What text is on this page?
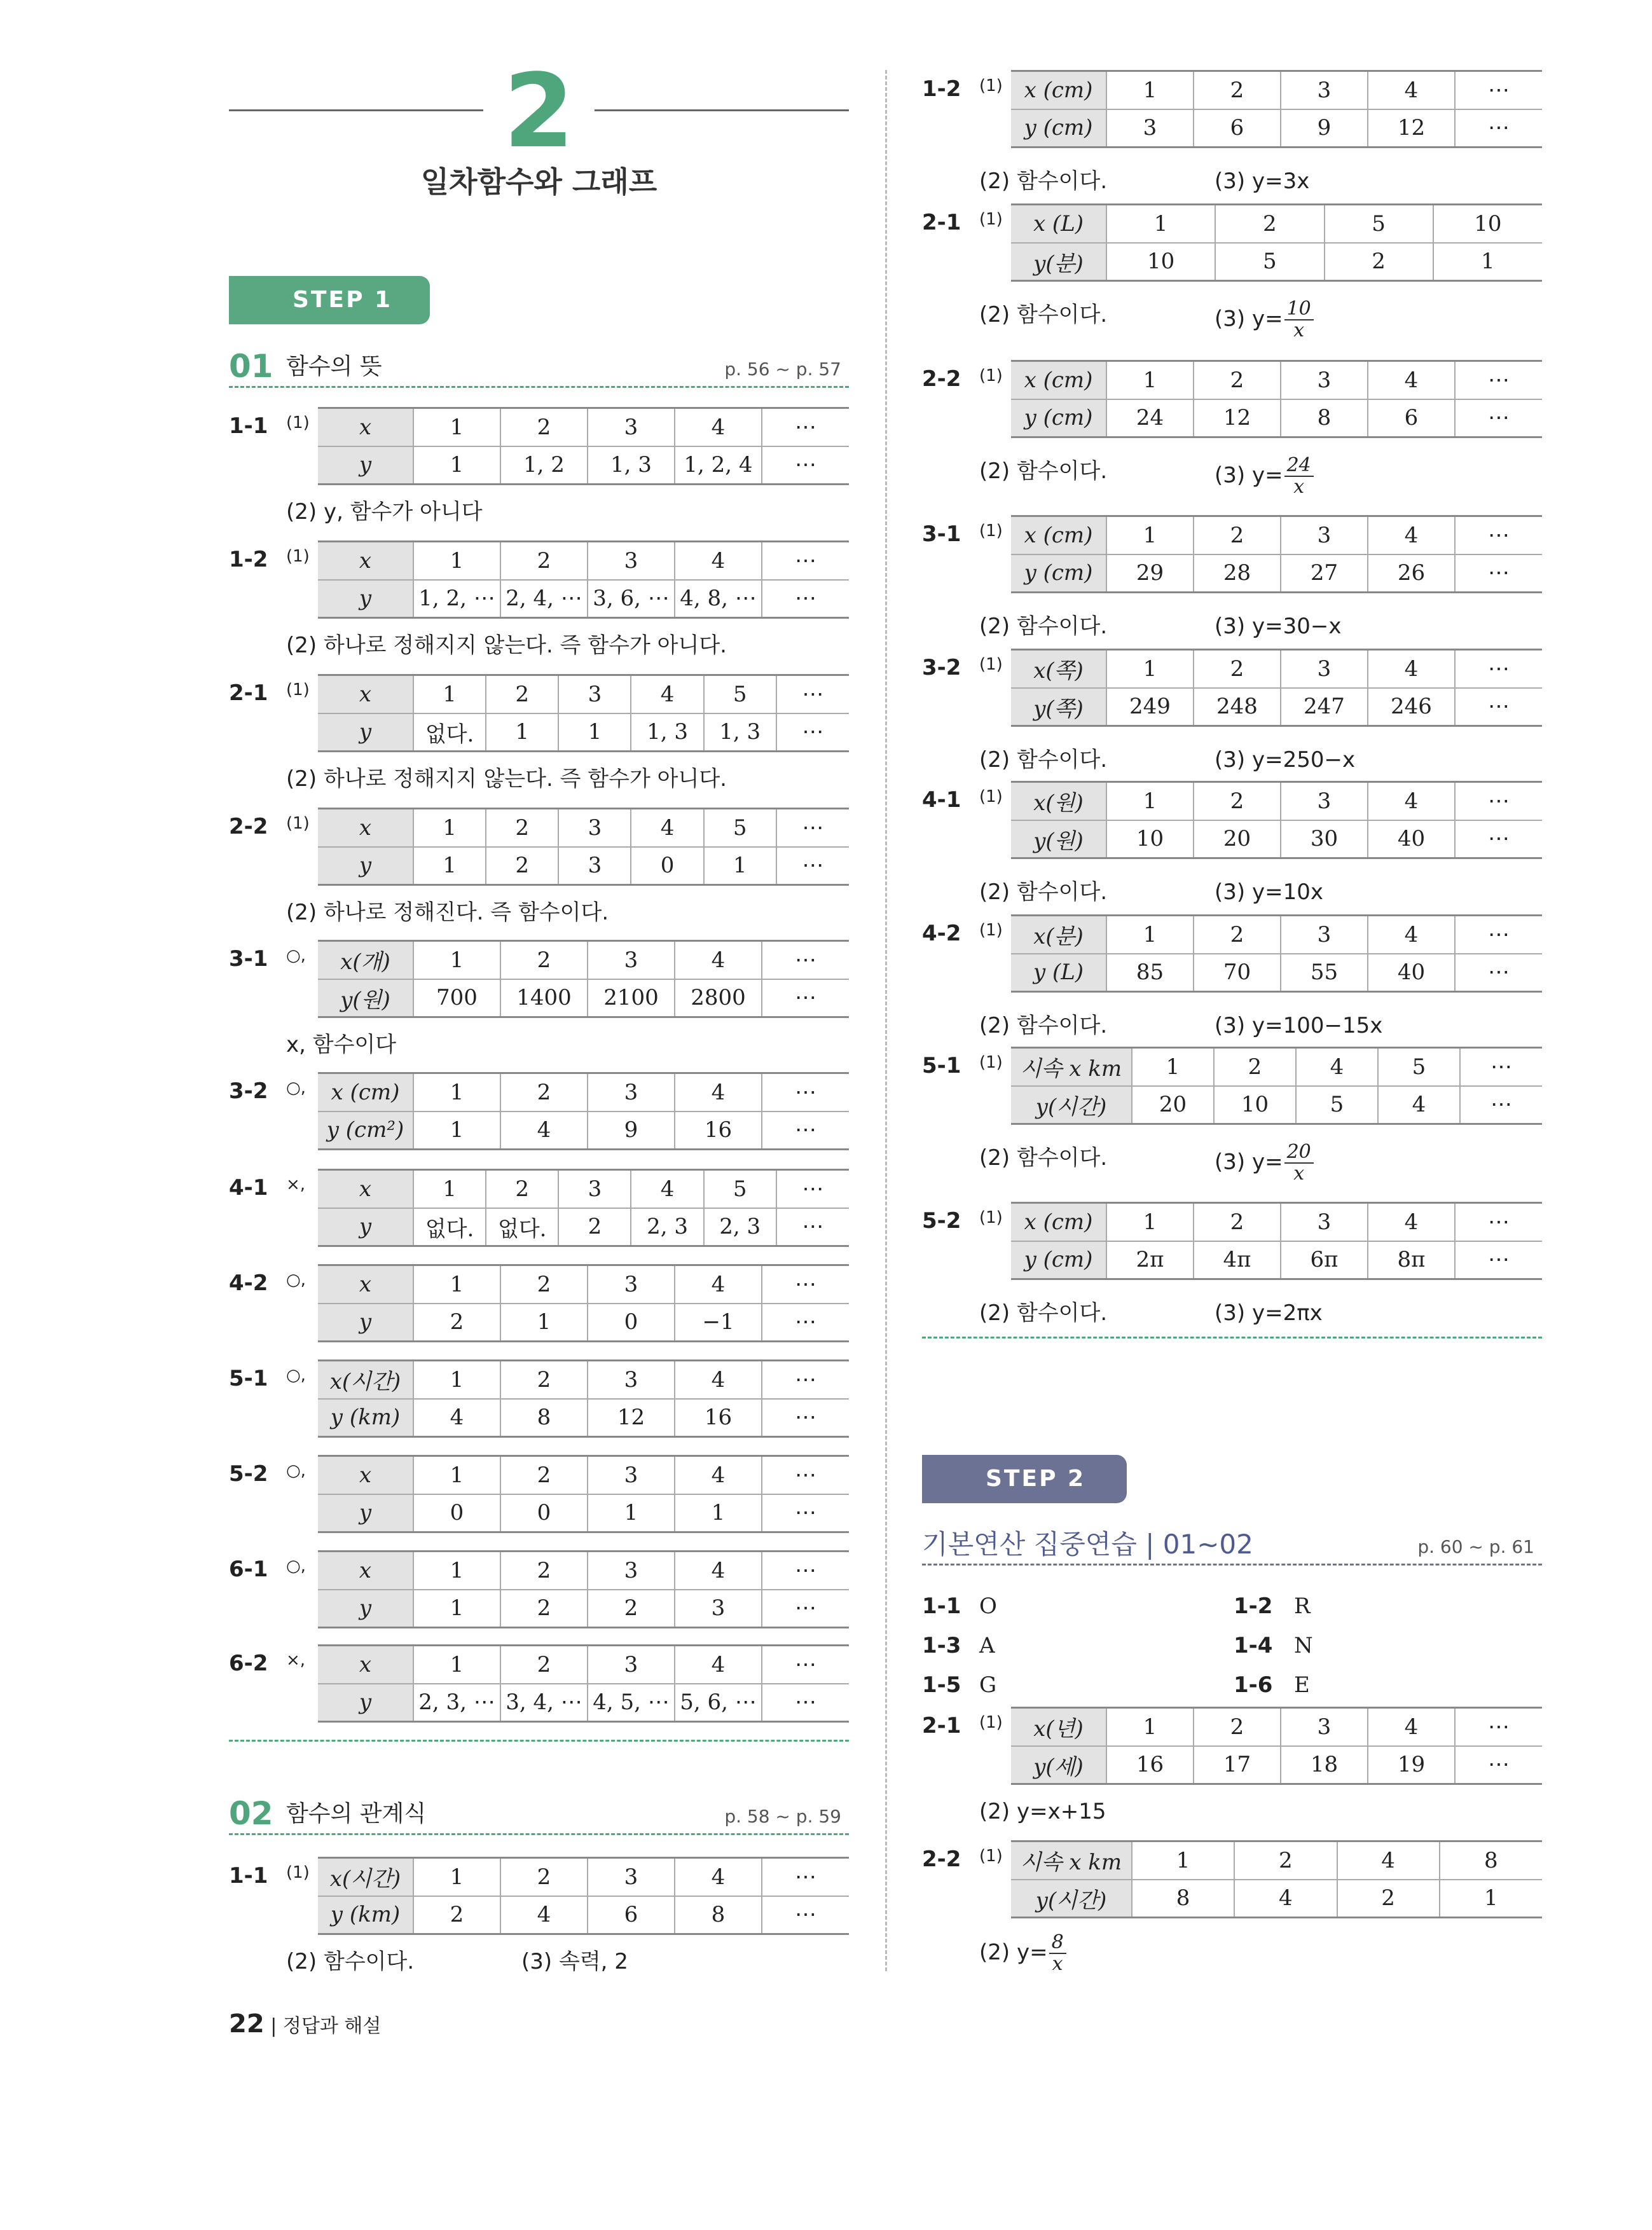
2
일차함수와 그래프
STEP 1
01 함수의 뜻	p. 56 ~ p. 57
1-1 (1) x	1	2	3	4	⋯
y	1	1, 2	1, 3	1, 2, 4	⋯
(2) y, 함수가 아니다
1-2 (1) x	1	2	3	4	⋯
y	1, 2, ⋯	2, 4, ⋯	3, 6, ⋯	4, 8, ⋯	⋯
(2) 하나로 정해지지 않는다. 즉 함수가 아니다.
2-1 (1) x	1	2	3	4	5	⋯
y	없다.	1	1	1, 3	1, 3	⋯
(2) 하나로 정해지지 않는다. 즉 함수가 아니다.
2-2 (1) x	1	2	3	4	5	⋯
y	1	2	3	0	1	⋯
(2) 하나로 정해진다. 즉 함수이다.
3-1 ○, x(개)	1	2	3	4	⋯
y(원)	700	1400	2100	2800	⋯
x, 함수이다
3-2 ○, x (cm)	1	2	3	4	⋯
y (cm²)	1	4	9	16	⋯
4-1 ×, x	1	2	3	4	5	⋯
y	없다.	없다.	2	2, 3	2, 3	⋯
4-2 ○, x	1	2	3	4	⋯
y	2	1	0	−1	⋯
5-1 ○, x(시간)	1	2	3	4	⋯
y (km)	4	8	12	16	⋯
5-2 ○, x	1	2	3	4	⋯
y	0	0	1	1	⋯
6-1 ○, x	1	2	3	4	⋯
y	1	2	2	3	⋯
6-2 ×, x	1	2	3	4	⋯
y	2, 3, ⋯	3, 4, ⋯	4, 5, ⋯	5, 6, ⋯	⋯
1-1 (1) x(시간)	1	2	3	4	⋯
y (km)	2	4	6	8	⋯
(2) 함수이다.	(3) 속력, 2
1-2 (1) x (cm)	1	2	3	4	⋯
y (cm)	3	6	9	12	⋯
(2) 함수이다.	(3) y=3x
2-1 (1) x (L)	1	2	5	10
y(분)	10	5	2	1
(2) 함수이다.	(3) $y= \frac{10}{x}$
2-2 (1) x (cm)	1	2	3	4	⋯
y (cm)	24	12	8	6	⋯
(2) 함수이다.	(3) $y= \frac{24}{x}$
3-1 (1) x (cm)	1	2	3	4	⋯
y (cm)	29	28	27	26	⋯
(2) 함수이다.	(3) y=30−x
3-2 (1) x(쪽)	1	2	3	4	⋯
y(쪽)	249	248	247	246	⋯
(2) 함수이다.	(3) y=250−x
4-1 (1) x(원)	1	2	3	4	⋯
y(원)	10	20	30	40	⋯
(2) 함수이다.	(3) y=10x
4-2 (1) x(분)	1	2	3	4	⋯
y (L)	85	70	55	40	⋯
(2) 함수이다.	(3) y=100−15x
5-1 (1) 시속 x km	1	2	4	5	⋯
y(시간)	20	10	5	4	⋯
(2) 함수이다.	(3) $y= \frac{20}{x}$
5-2 (1) x (cm)	1	2	3	4	⋯
y (cm)	2π	4π	6π	8π	⋯
(2) 함수이다.	(3) y=2πx
1-1 O	1-2 R
1-3 A	1-4 N
1-5 G	1-6 E
2-1 (1) x(년)	1	2	3	4	⋯
y(세)	16	17	18	19	⋯
(2) y=x+15
2-2 (1) 시속 x km	1	2	4	8
y(시간)	8	4	2	1
(2) $y= \frac{8}{x}$
02 함수의 관계식	p. 58 ~ p. 59
STEP 2
기본연산 집중연습 | 01~02	p. 60 ~ p. 61
22 | 정답과 해설
